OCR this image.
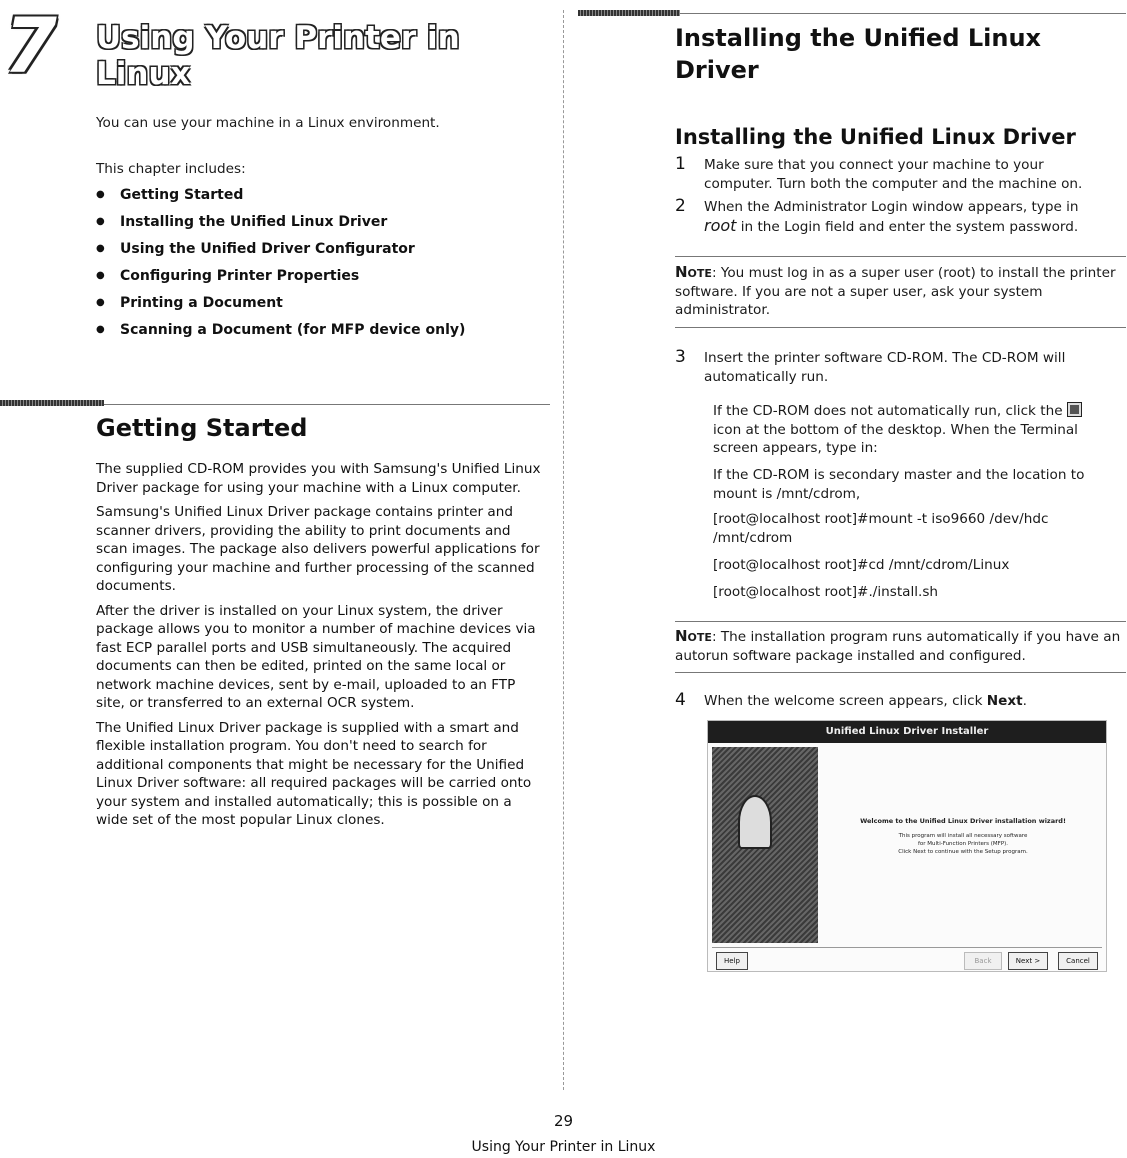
7 Using Your Printer in Linux
You can use your machine in a Linux environment.
This chapter includes:
● Getting Started
● Installing the Unified Linux Driver
● Using the Unified Driver Configurator
● Configuring Printer Properties
● Printing a Document
● Scanning a Document (for MFP device only)
Getting Started

The supplied CD-ROM provides you with Samsung's Unified Linux Driver package for using your machine with a Linux computer.

Samsung's Unified Linux Driver package contains printer and scanner drivers, providing the ability to print documents and scan images. The package also delivers powerful applications for configuring your machine and further processing of the scanned documents.

After the driver is installed on your Linux system, the driver package allows you to monitor a number of machine devices via fast ECP parallel ports and USB simultaneously. The acquired documents can then be edited, printed on the same local or network machine devices, sent by e-mail, uploaded to an FTP site, or transferred to an external OCR system.

The Unified Linux Driver package is supplied with a smart and flexible installation program. You don't need to search for additional components that might be necessary for the Unified Linux Driver software: all required packages will be carried onto your system and installed automatically; this is possible on a wide set of the most popular Linux clones.

Installing the Unified Linux Driver
Installing the Unified Linux Driver
1	Make sure that you connect your machine to your computer. Turn both the computer and the machine on.
2	When the Administrator Login window appears, type in root in the Login field and enter the system password.
Note: You must log in as a super user (root) to install the printer software. If you are not a super user, ask your system administrator.
3	Insert the printer software CD-ROM. The CD-ROM will automatically run.
If the CD-ROM does not automatically run, click the  icon at the bottom of the desktop. When the Terminal screen appears, type in:
If the CD-ROM is secondary master and the location to mount is /mnt/cdrom,
[root@localhost root]#mount -t iso9660 /dev/hdc /mnt/cdrom
[root@localhost root]#cd /mnt/cdrom/Linux
[root@localhost root]#./install.sh
Note: The installation program runs automatically if you have an autorun software package installed and configured.
4	When the welcome screen appears, click Next.
Unified Linux Driver Installer
Welcome to the Unified Linux Driver installation wizard!
This program will install all necessary software
for Multi-Function Printers (MFP).
Click Next to continue with the Setup program.
Help	Back	Next >	Cancel
29
Using Your Printer in Linux
